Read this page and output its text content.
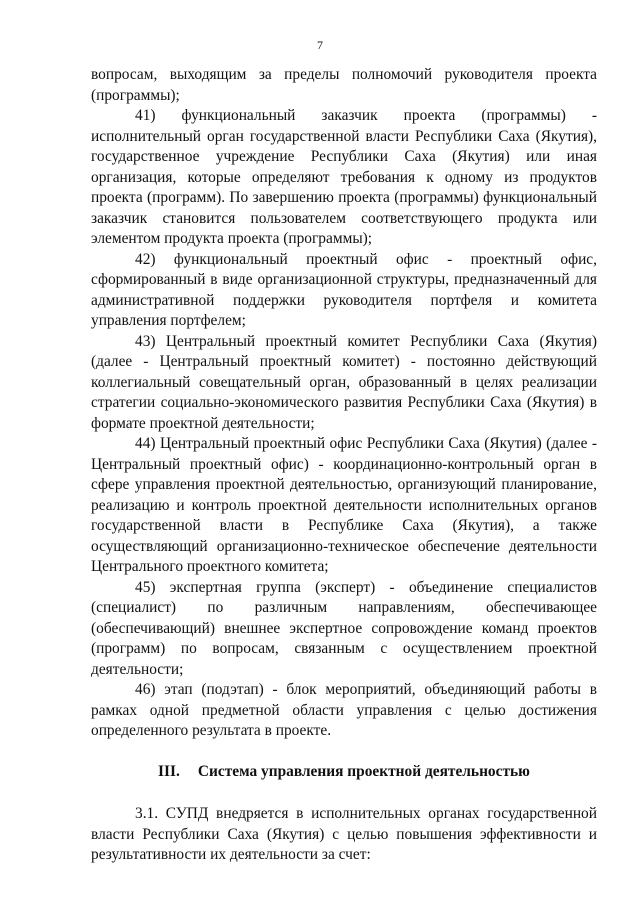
7

вопросам, выходящим за пределы полномочий руководителя проекта (программы);

41) функциональный заказчик проекта (программы) - исполнительный орган государственной власти Республики Саха (Якутия), государственное учреждение Республики Саха (Якутия) или иная организация, которые определяют требования к одному из продуктов проекта (программ). По завершению проекта (программы) функциональный заказчик становится пользователем соответствующего продукта или элементом продукта проекта (программы);

42) функциональный проектный офис - проектный офис, сформированный в виде организационной структуры, предназначенный для административной поддержки руководителя портфеля и комитета управления портфелем;

43) Центральный проектный комитет Республики Саха (Якутия) (далее - Центральный проектный комитет) - постоянно действующий коллегиальный совещательный орган, образованный в целях реализации стратегии социально-экономического развития Республики Саха (Якутия) в формате проектной деятельности;

44) Центральный проектный офис Республики Саха (Якутия) (далее - Центральный проектный офис) - координационно-контрольный орган в сфере управления проектной деятельностью, организующий планирование, реализацию и контроль проектной деятельности исполнительных органов государственной власти в Республике Саха (Якутия), а также осуществляющий организационно-техническое обеспечение деятельности Центрального проектного комитета;

45) экспертная группа (эксперт) - объединение специалистов (специалист) по различным направлениям, обеспечивающее (обеспечивающий) внешнее экспертное сопровождение команд проектов (программ) по вопросам, связанным с осуществлением проектной деятельности;

46) этап (подэтап) - блок мероприятий, объединяющий работы в рамках одной предметной области управления с целью достижения определенного результата в проекте.

III. Система управления проектной деятельностью

3.1. СУПД внедряется в исполнительных органах государственной власти Республики Саха (Якутия) с целью повышения эффективности и результативности их деятельности за счет:
